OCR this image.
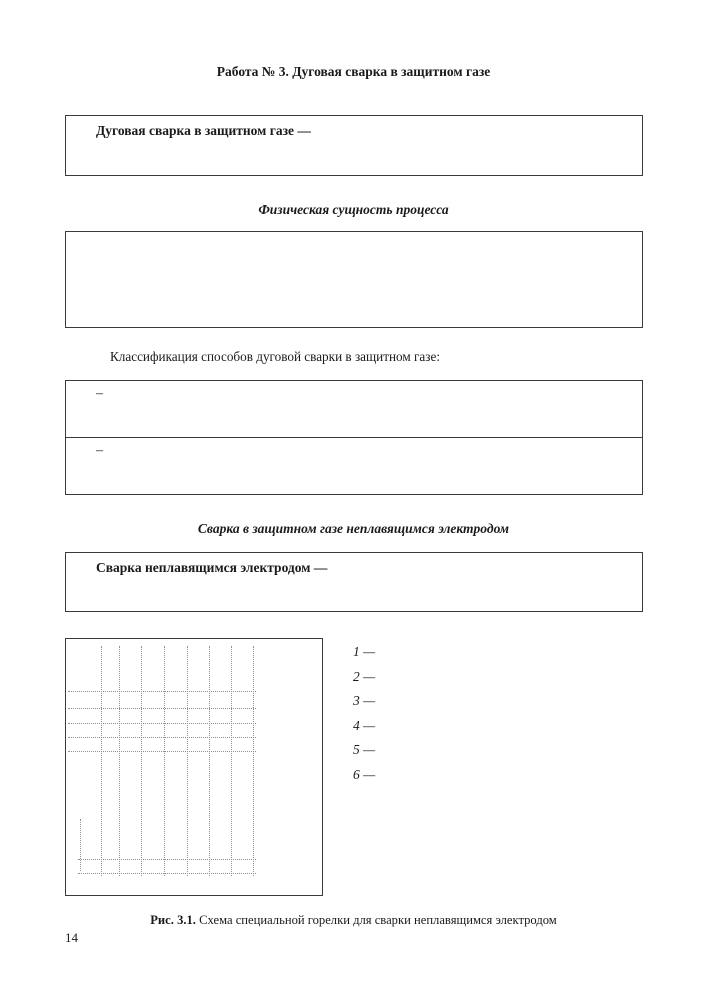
Работа № 3. Дуговая сварка в защитном газе
Дуговая сварка в защитном газе —
Физическая сущность процесса
Классификация способов дуговой сварки в защитном газе:
–
–
Сварка в защитном газе неплавящимся электродом
Сварка неплавящимся электродом —
1 —
2 —
3 —
4 —
5 —
6 —
Рис. 3.1. Схема специальной горелки для сварки неплавящимся электродом
14
